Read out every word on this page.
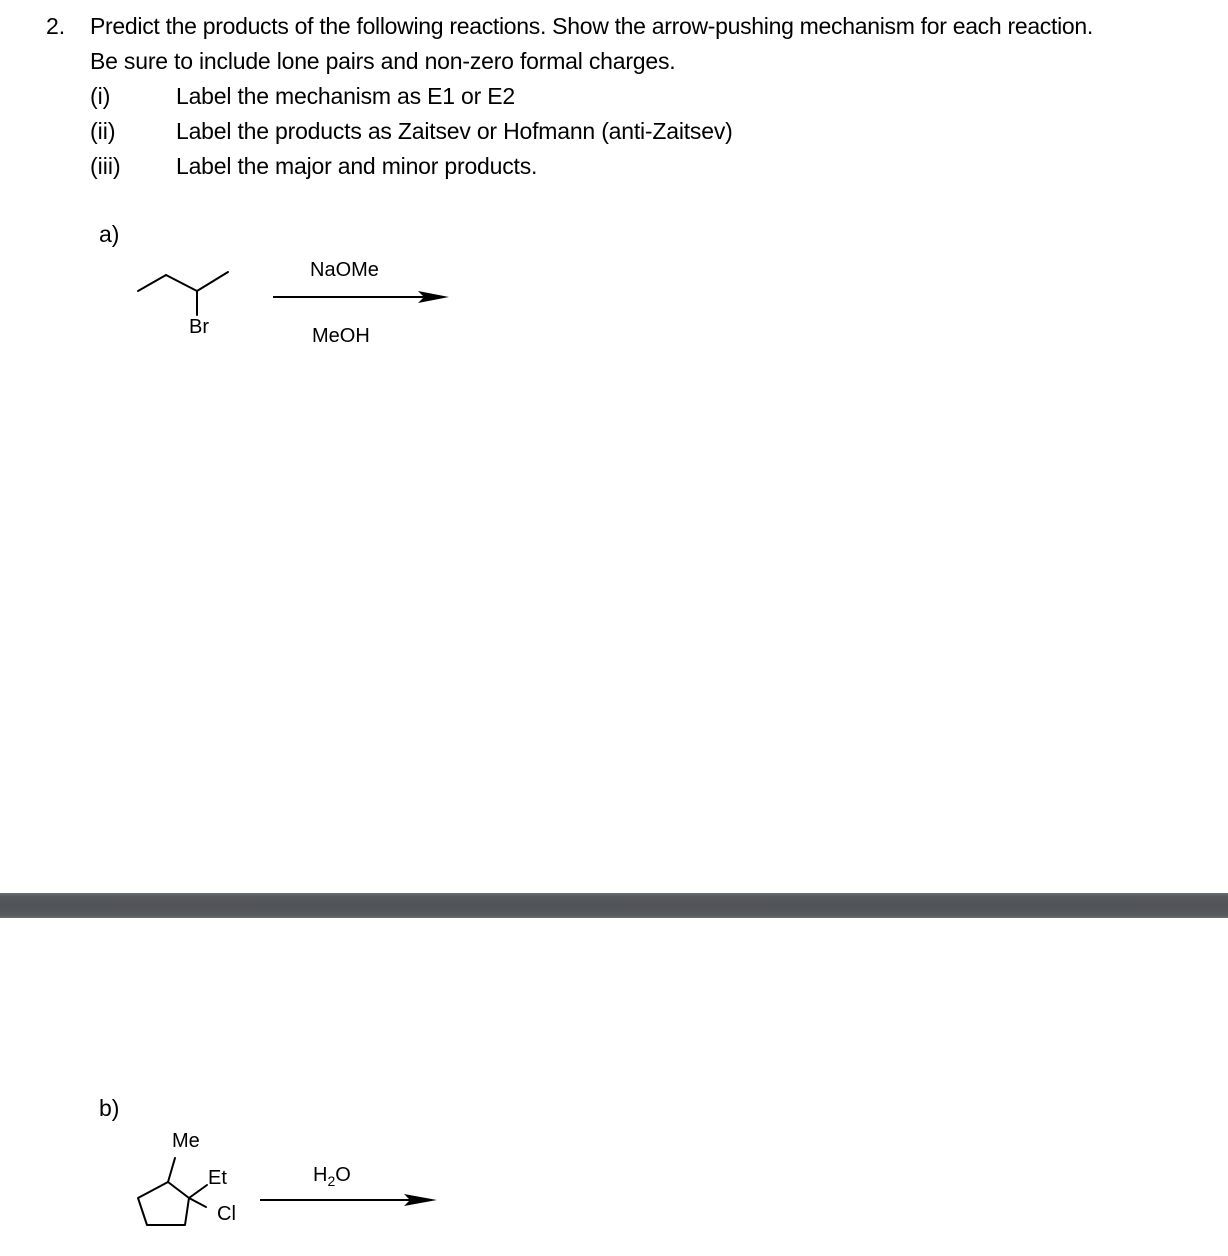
2. Predict the products of the following reactions. Show the arrow-pushing mechanism for each reaction.
Be sure to include lone pairs and non-zero formal charges.
(i)	Label the mechanism as E1 or E2
(ii)	Label the products as Zaitsev or Hofmann (anti-Zaitsev)
(iii) Label the major and minor products.
a)
Br
NaOMe
MeOH
Me
Et
Cl
$H_2O$
b)
